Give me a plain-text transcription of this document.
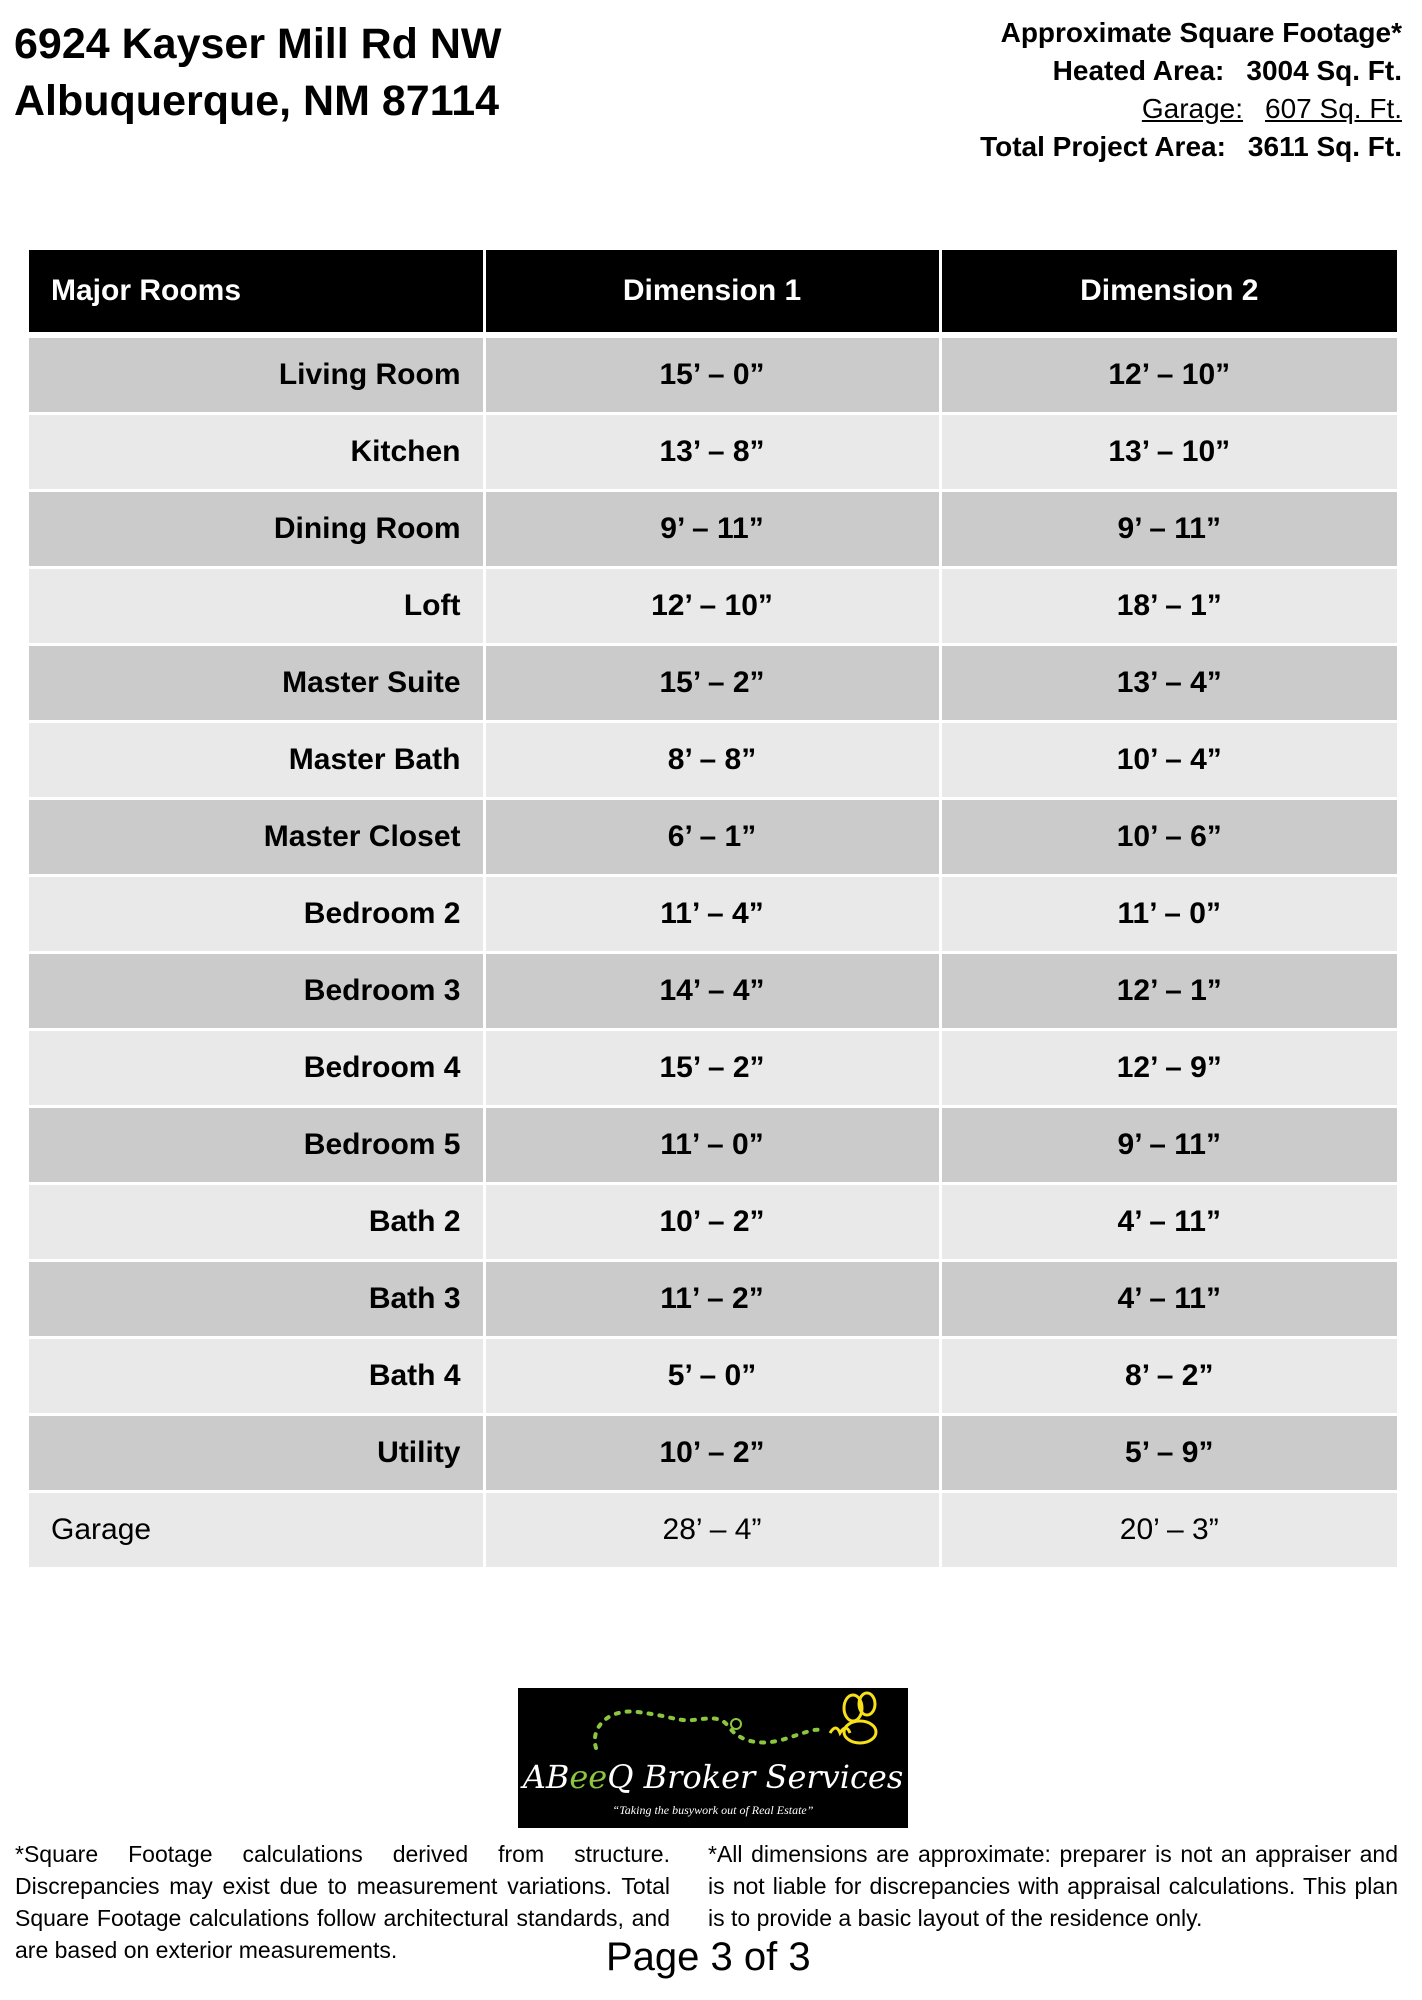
6924 Kayser Mill Rd NW
Albuquerque, NM 87114
Approximate Square Footage*
Heated Area: 3004 Sq. Ft.
Garage: 607 Sq. Ft.
Total Project Area: 3611 Sq. Ft.
Major Rooms	Dimension 1	Dimension 2
Living Room	15’ – 0”	12’ – 10”
Kitchen	13’ – 8”	13’ – 10”
Dining Room	9’ – 11”	9’ – 11”
Loft	12’ – 10”	18’ – 1”
Master Suite	15’ – 2”	13’ – 4”
Master Bath	8’ – 8”	10’ – 4”
Master Closet	6’ – 1”	10’ – 6”
Bedroom 2	11’ – 4”	11’ – 0”
Bedroom 3	14’ – 4”	12’ – 1”
Bedroom 4	15’ – 2”	12’ – 9”
Bedroom 5	11’ – 0”	9’ – 11”
Bath 2	10’ – 2”	4’ – 11”
Bath 3	11’ – 2”	4’ – 11”
Bath 4	5’ – 0”	8’ – 2”
Utility	10’ – 2”	5’ – 9”
Garage	28’ – 4”	20’ – 3”
ABeeQ Broker Services
“Taking the busywork out of Real Estate”
*Square Footage calculations derived from structure. Discrepancies may exist due to measurement variations. Total Square Footage calculations follow architectural standards, and are based on exterior measurements.
*All dimensions are approximate: preparer is not an appraiser and is not liable for discrepancies with appraisal calculations. This plan is to provide a basic layout of the residence only.
Page 3 of 3
